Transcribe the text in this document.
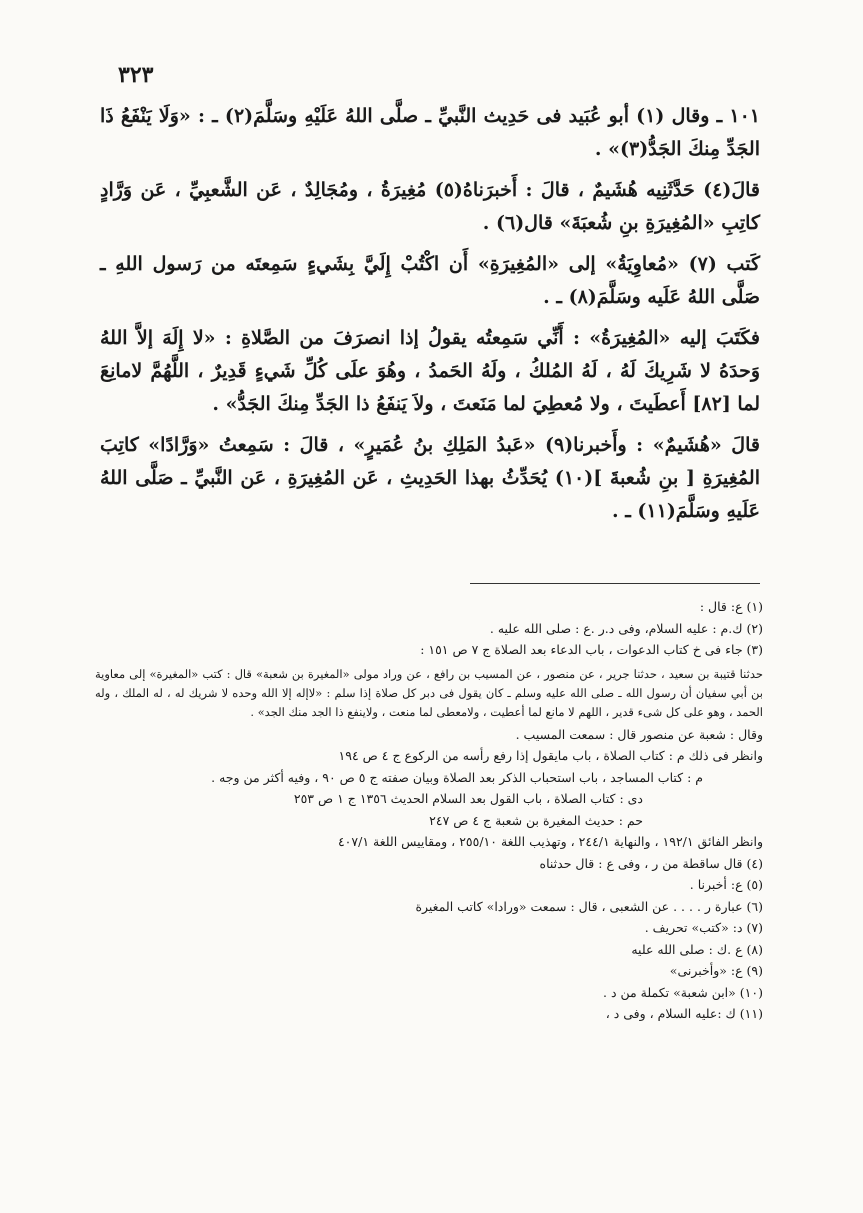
٣٢٣

١٠١ ـ وقال (١) أبو عُبَيد فى حَدِيث النَّبيِّ ـ صلَّى اللهُ عَلَيْهِ وسَلَّمَ(٢) ـ : «وَلَا يَنْفَعُ ذَا الجَدِّ مِنكَ الجَدُّ(٣)» .

قالَ(٤) حَدَّثَنِيه هُشَيمٌ ، قالَ : أَخبرَناهُ(٥) مُغِيرَةُ ، ومُجَالِدٌ ، عَن الشَّعبِيِّ ، عَن وَرَّادٍ كاتِبِ «المُغِيرَةِ بنِ شُعبَةَ» قال(٦) .

كَتب (٧) «مُعاوِيَةُ» إلى «المُغِيرَةِ» أَن اكْتُبْ إِلَيَّ بِشَيءٍ سَمِعتَه من رَسول اللهِ ـ صَلَّى اللهُ عَلَيه وسَلَّمَ(٨) ـ .

فكَتَبَ إليه «المُغِيرَةُ» : أَنِّي سَمِعتُه يقولُ إذا انصرَفَ من الصَّلاةِ : «لا إِلَهَ إلاَّ اللهُ وَحدَهُ لا شَرِيكَ لَهُ ، لَهُ المُلكُ ، ولَهُ الحَمدُ ، وهُوَ علَى كُلِّ شَيءٍ قَدِيرٌ ، اللَّهُمَّ لامانِعَ لما [٨٢] أَعطَيتَ ، ولا مُعطِيَ لما مَنَعتَ ، ولاَ يَنفَعُ ذا الجَدِّ مِنكَ الجَدُّ» .

قالَ «هُشَيمٌ» : وأَخبرنا(٩) «عَبدُ المَلِكِ بنُ عُمَيرٍ» ، قالَ : سَمِعتُ «وَرَّادًا» كاتِبَ المُغِيرَةِ [ بنِ شُعبةَ ](١٠) يُحَدِّثُ بهذا الحَدِيثِ ، عَن المُغِيرَةِ ، عَن النَّبيِّ ـ صَلَّى اللهُ عَلَيهِ وسَلَّمَ(١١) ـ .

(١) ع: قال :

(٢) ك.م : عليه السلام، وفى د.ر .ع : صلى الله عليه .

(٣) جاء فى خ كتاب الدعوات ، باب الدعاء بعد الصلاة ج ٧ ص ١٥١ :

حدثنا قتيبة بن سعيد ، حدثنا جرير ، عن منصور ، عن المسيب بن رافع ، عن وراد مولى «المغيرة بن شعبة» قال : كتب «المغيرة» إلى معاوية بن أبي سفيان أن رسول الله ـ صلى الله عليه وسلم ـ كان يقول فى دبر كل صلاة إذا سلم : «لاإله إلا الله وحده لا شريك له ، له الملك ، وله الحمد ، وهو على كل شىء قدير ، اللهم لا مانع لما أعطيت ، ولامعطى لما منعت ، ولاينفع ذا الجد منك الجد» .

وقال : شعبة عن منصور قال : سمعت المسيب .

وانظر فى ذلك م : كتاب الصلاة ، باب مايقول إذا رفع رأسه من الركوع ج ٤ ص ١٩٤

م : كتاب المساجد ، باب استحباب الذكر بعد الصلاة وبيان صفته ج ٥ ص ٩٠ ، وفيه أكثر من وجه .

دى : كتاب الصلاة ، باب القول بعد السلام الحديث ١٣٥٦ ج ١ ص ٢٥٣

حم : حديث المغيرة بن شعبة ج ٤ ص ٢٤٧

وانظر الفائق ١٩٢/١ ، والنهاية ٢٤٤/١ ، وتهذيب اللغة ٢٥٥/١٠ ، ومقاييس اللغة ٤٠٧/١

(٤) قال ساقطة من ر ، وفى ع : قال حدثناه

(٥) ع: أخبرنا .

(٦) عبارة ر . . . . عن الشعبى ، قال : سمعت «ورادا» كاتب المغيرة

(٧) د: «كتب» تحريف .

(٨) ع .ك : صلى الله عليه

(٩) ع: «وأخبرنى»

(١٠) «ابن شعبة» تكملة من د .

(١١) ك :عليه السلام ، وفى د ،
